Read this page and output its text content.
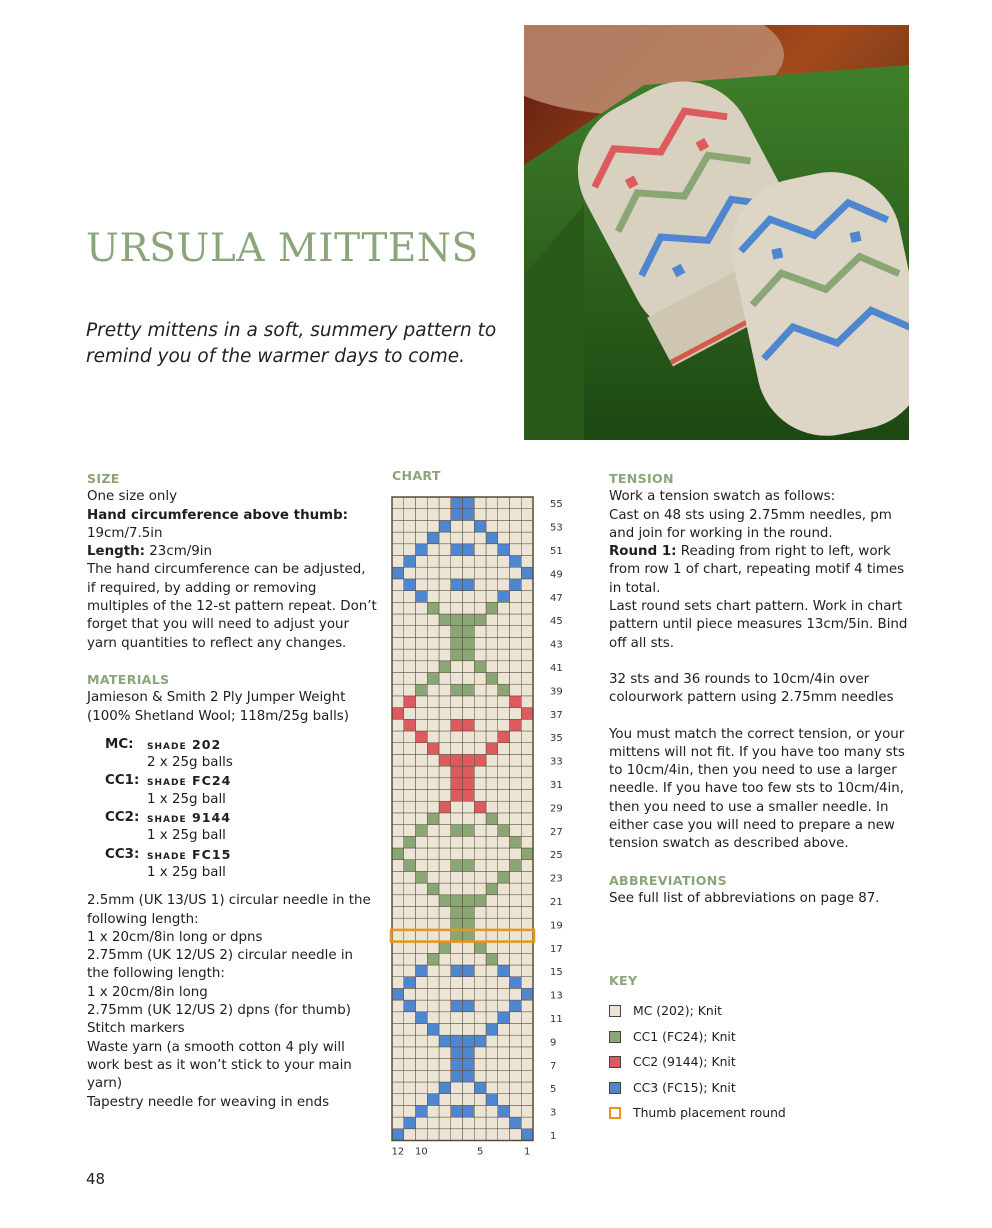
URSULA MITTENS

Pretty mittens in a soft, summery pattern to remind you of the warmer days to come.

SIZE

One size only

Hand circumference above thumb:

19cm/7.5in

Length: 23cm/9in

The hand circumference can be adjusted, if required, by adding or removing multiples of the 12-st pattern repeat. Don’t forget that you will need to adjust your yarn quantities to reflect any changes.

MATERIALS

Jamieson & Smith 2 Ply Jumper Weight (100% Shetland Wool; 118m/25g balls)

MC:	shade 202
2 x 25g balls
CC1: shade FC24
1 x 25g ball
CC2: shade 9144
1 x 25g ball
CC3: shade FC15
1 x 25g ball

2.5mm (UK 13/US 1) circular needle in the following length:

1 x 20cm/8in long or dpns

2.75mm (UK 12/US 2) circular needle in the following length:

1 x 20cm/8in long

2.75mm (UK 12/US 2) dpns (for thumb)

Stitch markers

Waste yarn (a smooth cotton 4 ply will work best as it won’t stick to your main yarn)

Tapestry needle for weaving in ends

CHART

55
53
51
49
47
45
43
41
39
37
35
33
31
29
27
25
23
21
19
17
15
13
11
9
7
5
3
1
12 10	5	1

TENSION

Work a tension swatch as follows:

Cast on 48 sts using 2.75mm needles, pm and join for working in the round.

Round 1: Reading from right to left, work from row 1 of chart, repeating motif 4 times in total.

Last round sets chart pattern. Work in chart pattern until piece measures 13cm/5in. Bind off all sts.

32 sts and 36 rounds to 10cm/4in over colourwork pattern using 2.75mm needles

You must match the correct tension, or your mittens will not fit. If you have too many sts to 10cm/4in, then you need to use a larger needle. If you have too few sts to 10cm/4in, then you need to use a smaller needle. In either case you will need to prepare a new tension swatch as described above.

ABBREVIATIONS

See full list of abbreviations on page 87.

KEY

MC (202); Knit
CC1 (FC24); Knit
CC2 (9144); Knit
CC3 (FC15); Knit
Thumb placement round
48
